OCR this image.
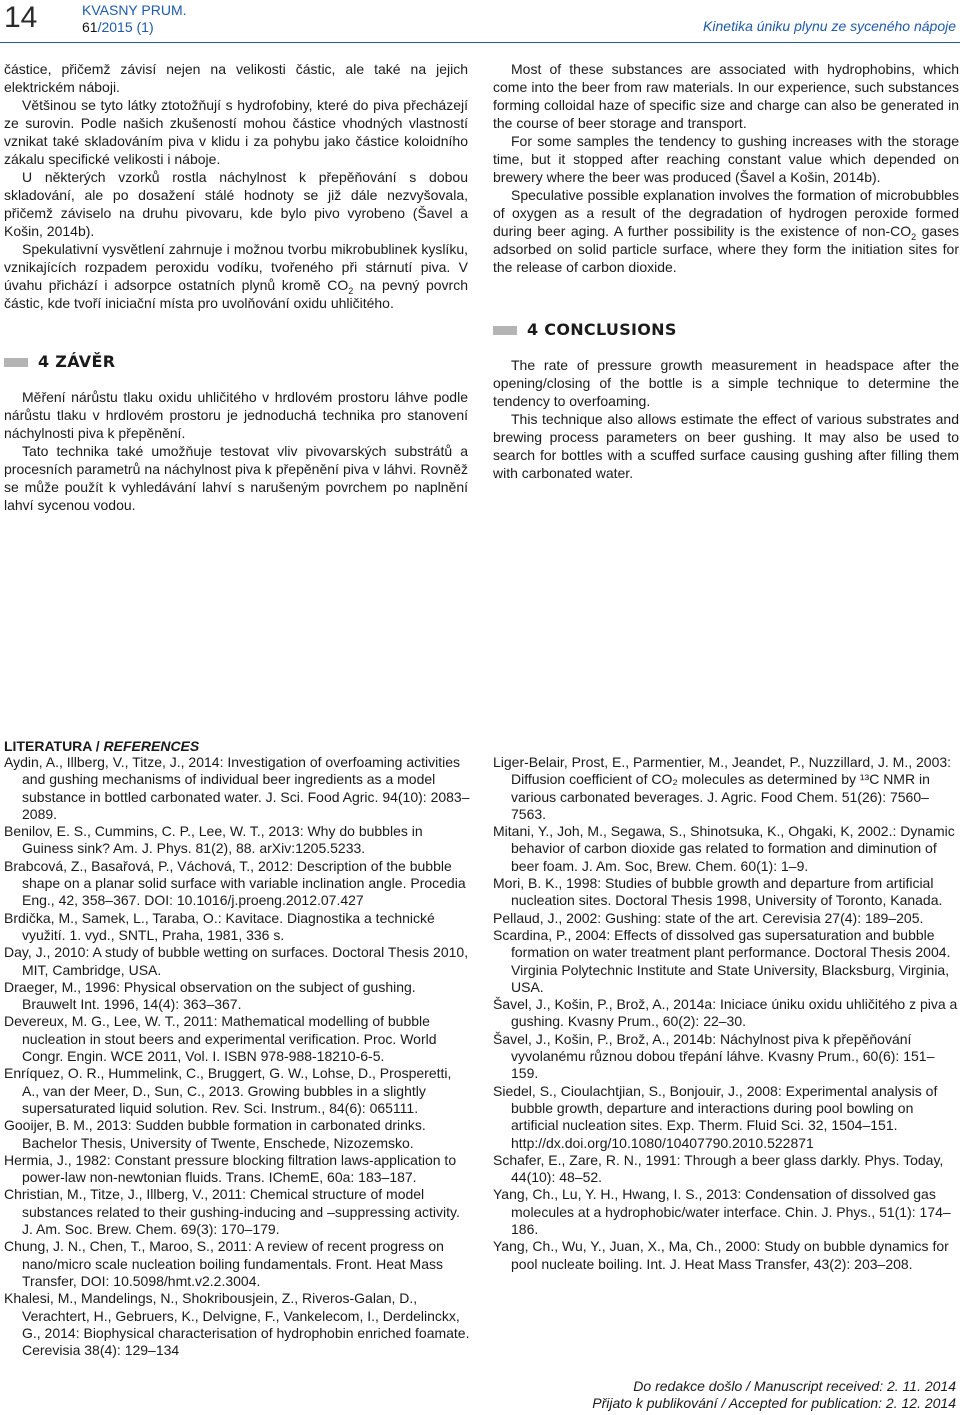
14	KVASNY PRUM.
61/2015 (1)	Kinetika úniku plynu ze syceného nápoje

částice, přičemž závisí nejen na velikosti částic, ale také na jejich elektrickém náboji.

Většinou se tyto látky ztotožňují s hydrofobiny, které do piva přecházejí ze surovin. Podle našich zkušeností mohou částice vhodných vlastností vznikat také skladováním piva v klidu i za pohybu jako částice koloidního zákalu specifické velikosti i náboje.

U některých vzorků rostla náchylnost k přepěňování s dobou skladování, ale po dosažení stálé hodnoty se již dále nezvyšovala, přičemž záviselo na druhu pivovaru, kde bylo pivo vyrobeno (Šavel a Košin, 2014b).

Spekulativní vysvětlení zahrnuje i možnou tvorbu mikrobublinek kyslíku, vznikajících rozpadem peroxidu vodíku, tvořeného při stárnutí piva. V úvahu přichází i adsorpce ostatních plynů kromě $CO_2$ na pevný povrch částic, kde tvoří iniciační místa pro uvolňování oxidu uhličitého.

4 ZÁVĚR

Měření nárůstu tlaku oxidu uhličitého v hrdlovém prostoru láhve podle nárůstu tlaku v hrdlovém prostoru je jednoduchá technika pro stanovení náchylnosti piva k přepěnění.

Tato technika také umožňuje testovat vliv pivovarských substrátů a procesních parametrů na náchylnost piva k přepěnění piva v láhvi. Rovněž se může použít k vyhledávání lahví s narušeným povrchem po naplnění lahví sycenou vodou.

Most of these substances are associated with hydrophobins, which come into the beer from raw materials. In our experience, such substances forming colloidal haze of specific size and charge can also be generated in the course of beer storage and transport.

For some samples the tendency to gushing increases with the storage time, but it stopped after reaching constant value which depended on brewery where the beer was produced (Šavel a Košin, 2014b).

Speculative possible explanation involves the formation of microbubbles of oxygen as a result of the degradation of hydrogen peroxide formed during beer aging. A further possibility is the existence of non-$CO_2$ gases adsorbed on solid particle surface, where they form the initiation sites for the release of carbon dioxide.

4 CONCLUSIONS

The rate of pressure growth measurement in headspace after the opening/closing of the bottle is a simple technique to determine the tendency to overfoaming.

This technique also allows estimate the effect of various substrates and brewing process parameters on beer gushing. It may also be used to search for bottles with a scuffed surface causing gushing after filling them with carbonated water.

LITERATURA / REFERENCES
Aydin, A., Illberg, V., Titze, J., 2014: Investigation of overfoaming activities and gushing mechanisms of individual beer ingredients as a model substance in bottled carbonated water. J. Sci. Food Agric. 94(10): 2083–2089.
Benilov, E. S., Cummins, C. P., Lee, W. T., 2013: Why do bubbles in Guiness sink? Am. J. Phys. 81(2), 88. arXiv:1205.5233.
Brabcová, Z., Basařová, P., Váchová, T., 2012: Description of the bubble shape on a planar solid surface with variable inclination angle. Procedia Eng., 42, 358–367. DOI: 10.1016/j.proeng.2012.07.427
Brdička, M., Samek, L., Taraba, O.: Kavitace. Diagnostika a technické využití. 1. vyd., SNTL, Praha, 1981, 336 s.
Day, J., 2010: A study of bubble wetting on surfaces. Doctoral Thesis 2010, MIT, Cambridge, USA.
Draeger, M., 1996: Physical observation on the subject of gushing. Brauwelt Int. 1996, 14(4): 363–367.
Devereux, M. G., Lee, W. T., 2011: Mathematical modelling of bubble nucleation in stout beers and experimental verification. Proc. World Congr. Engin. WCE 2011, Vol. I. ISBN 978-988-18210-6-5.
Enríquez, O. R., Hummelink, C., Bruggert, G. W., Lohse, D., Prosperetti, A., van der Meer, D., Sun, C., 2013. Growing bubbles in a slightly supersaturated liquid solution. Rev. Sci. Instrum., 84(6): 065111.
Gooijer, B. M., 2013: Sudden bubble formation in carbonated drinks. Bachelor Thesis, University of Twente, Enschede, Nizozemsko.
Hermia, J., 1982: Constant pressure blocking filtration laws-application to power-law non-newtonian fluids. Trans. IChemE, 60a: 183–187.
Christian, M., Titze, J., Illberg, V., 2011: Chemical structure of model substances related to their gushing-inducing and –suppressing activity. J. Am. Soc. Brew. Chem. 69(3): 170–179.
Chung, J. N., Chen, T., Maroo, S., 2011: A review of recent progress on nano/micro scale nucleation boiling fundamentals. Front. Heat Mass Transfer, DOI: 10.5098/hmt.v2.2.3004.
Khalesi, M., Mandelings, N., Shokribousjein, Z., Riveros-Galan, D., Verachtert, H., Gebruers, K., Delvigne, F., Vankelecom, I., Derdelinckx, G., 2014: Biophysical characterisation of hydrophobin enriched foamate. Cerevisia 38(4): 129–134
Liger-Belair, Prost, E., Parmentier, M., Jeandet, P., Nuzzillard, J. M., 2003: Diffusion coefficient of CO₂ molecules as determined by ¹³C NMR in various carbonated beverages. J. Agric. Food Chem. 51(26): 7560–7563.
Mitani, Y., Joh, M., Segawa, S., Shinotsuka, K., Ohgaki, K, 2002.: Dynamic behavior of carbon dioxide gas related to formation and diminution of beer foam. J. Am. Soc, Brew. Chem. 60(1): 1–9.
Mori, B. K., 1998: Studies of bubble growth and departure from artificial nucleation sites. Doctoral Thesis 1998, University of Toronto, Kanada.
Pellaud, J., 2002: Gushing: state of the art. Cerevisia 27(4): 189–205.
Scardina, P., 2004: Effects of dissolved gas supersaturation and bubble formation on water treatment plant performance. Doctoral Thesis 2004. Virginia Polytechnic Institute and State University, Blacksburg, Virginia, USA.
Šavel, J., Košin, P., Brož, A., 2014a: Iniciace úniku oxidu uhličitého z piva a gushing. Kvasny Prum., 60(2): 22–30.
Šavel, J., Košin, P., Brož, A., 2014b: Náchylnost piva k přepěňování vyvolanému různou dobou třepání láhve. Kvasny Prum., 60(6): 151–159.
Siedel, S., Cioulachtjian, S., Bonjouir, J., 2008: Experimental analysis of bubble growth, departure and interactions during pool bowling on artificial nucleation sites. Exp. Therm. Fluid Sci. 32, 1504–151. http://dx.doi.org/10.1080/10407790.2010.522871
Schafer, E., Zare, R. N., 1991: Through a beer glass darkly. Phys. Today, 44(10): 48–52.
Yang, Ch., Lu, Y. H., Hwang, I. S., 2013: Condensation of dissolved gas molecules at a hydrophobic/water interface. Chin. J. Phys., 51(1): 174–186.
Yang, Ch., Wu, Y., Juan, X., Ma, Ch., 2000: Study on bubble dynamics for pool nucleate boiling. Int. J. Heat Mass Transfer, 43(2): 203–208.
Do redakce došlo / Manuscript received: 2. 11. 2014
Přijato k publikování / Accepted for publication: 2. 12. 2014
